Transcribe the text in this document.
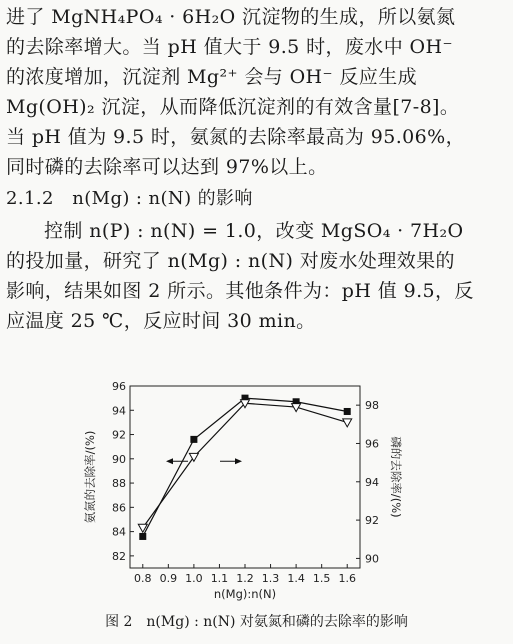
进了 MgNH₄PO₄ · 6H₂O 沉淀物的生成，所以氨氮
的去除率增大。当 pH 值大于 9.5 时，废水中 OH⁻
的浓度增加，沉淀剂 Mg²⁺ 会与 OH⁻ 反应生成
Mg(OH)₂ 沉淀，从而降低沉淀剂的有效含量[7-8]。
当 pH 值为 9.5 时，氨氮的去除率最高为 95.06%，
同时磷的去除率可以达到 97%以上。
2.1.2　n(Mg) : n(N) 的影响
控制 n(P) : n(N) = 1.0，改变 MgSO₄ · 7H₂O
的投加量，研究了 n(Mg) : n(N) 对废水处理效果的
影响，结果如图 2 所示。其他条件为：pH 值 9.5，反
应温度 25 ℃，反应时间 30 min。
0.8 0.9 1.0 1.1 1.2 1.3 1.4 1.5 1.6
82
84
86
88
90
92
94
96
90
92
94
96
98
n(Mg):n(N)
氨氮的去除率/(%)	磷的去除率/(%)
图 2　n(Mg) : n(N) 对氨氮和磷的去除率的影响
